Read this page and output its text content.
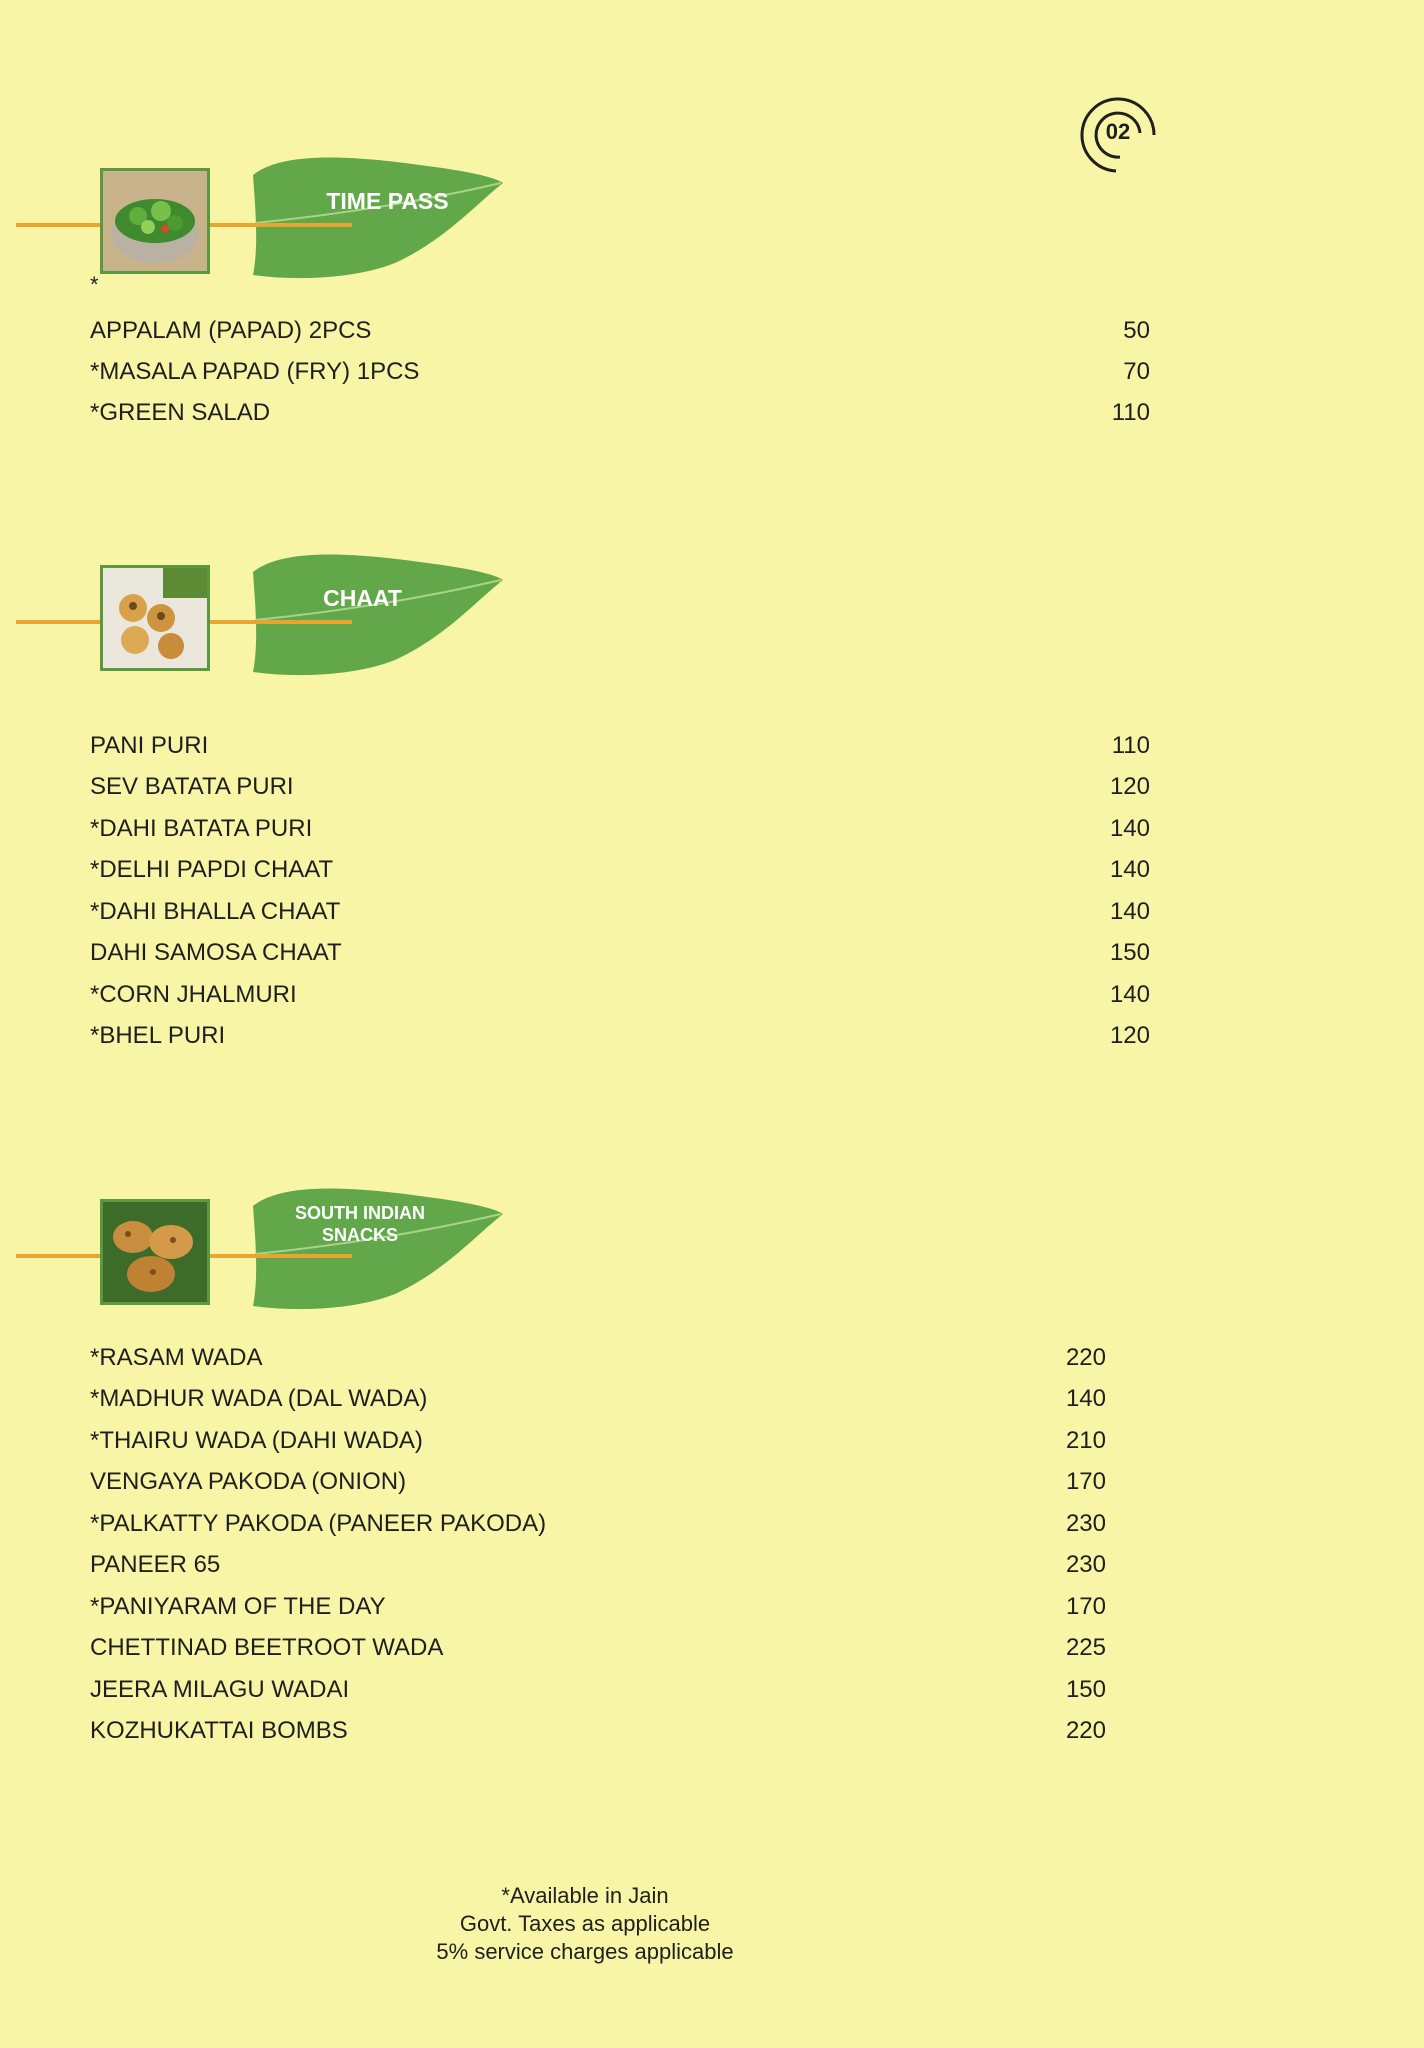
02
TIME PASS
*
APPALAM (PAPAD) 2PCS	50
*MASALA PAPAD (FRY) 1PCS	70
*GREEN SALAD	110
CHAAT
PANI PURI	110
SEV BATATA PURI	120
*DAHI BATATA PURI	140
*DELHI PAPDI CHAAT	140
*DAHI BHALLA CHAAT	140
DAHI SAMOSA CHAAT	150
*CORN JHALMURI	140
*BHEL PURI	120
SOUTH INDIAN
SNACKS
*RASAM WADA	220
*MADHUR WADA (DAL WADA)	140
*THAIRU WADA (DAHI WADA)	210
VENGAYA PAKODA (ONION)	170
*PALKATTY PAKODA (PANEER PAKODA)	230
PANEER 65	230
*PANIYARAM OF THE DAY	170
CHETTINAD BEETROOT WADA	225
JEERA MILAGU WADAI	150
KOZHUKATTAI BOMBS	220
*Available in Jain
Govt. Taxes as applicable
5% service charges applicable
